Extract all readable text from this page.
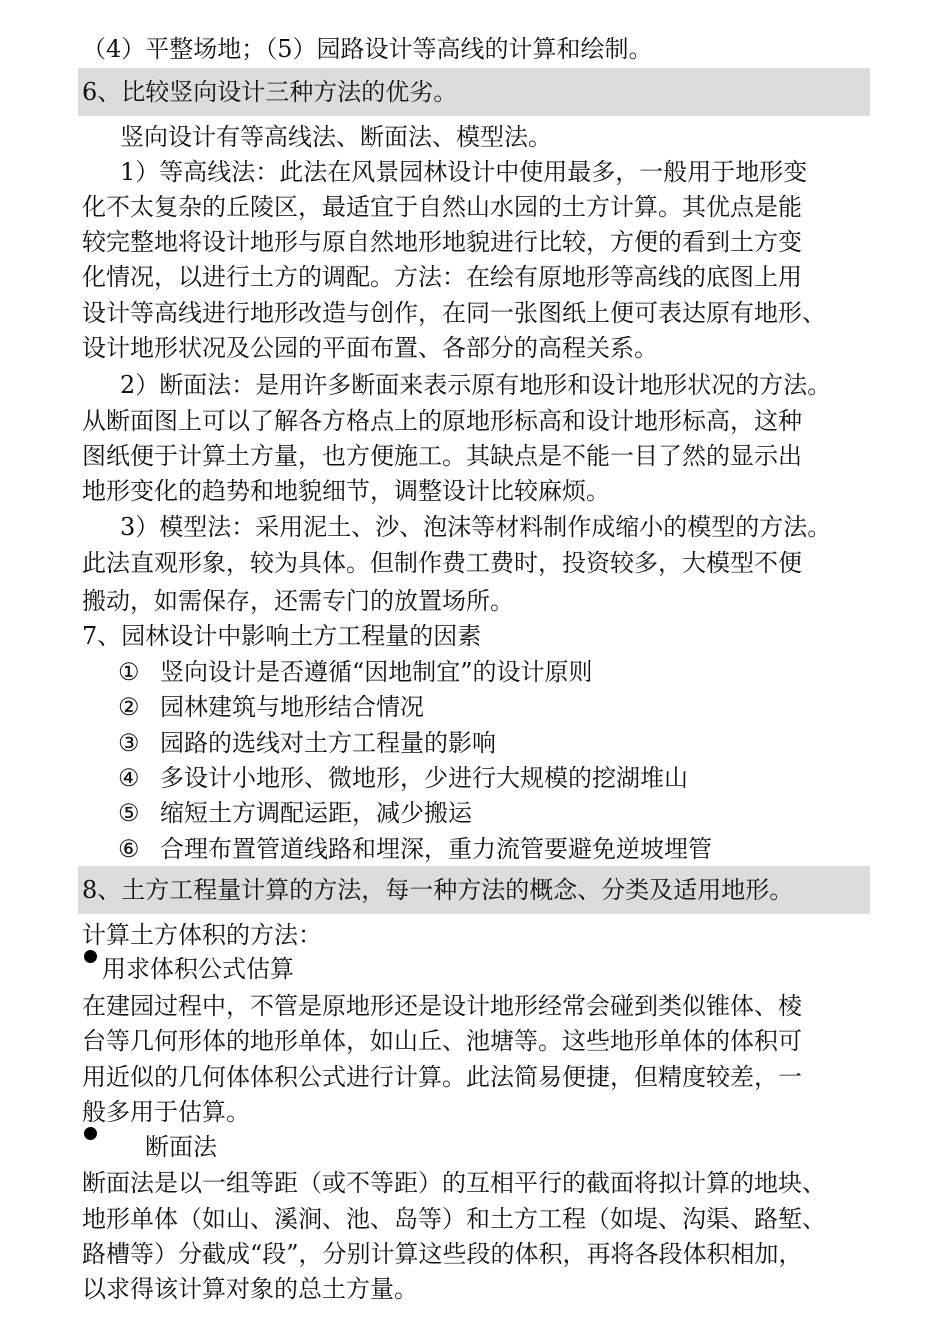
（4）平整场地；（5）园路设计等高线的计算和绘制。
6、比较竖向设计三种方法的优劣。
竖向设计有等高线法、断面法、模型法。
1）等高线法：此法在风景园林设计中使用最多，一般用于地形变
化不太复杂的丘陵区，最适宜于自然山水园的土方计算。其优点是能
较完整地将设计地形与原自然地形地貌进行比较，方便的看到土方变
化情况，以进行土方的调配。方法：在绘有原地形等高线的底图上用
设计等高线进行地形改造与创作，在同一张图纸上便可表达原有地形、
设计地形状况及公园的平面布置、各部分的高程关系。
2）断面法：是用许多断面来表示原有地形和设计地形状况的方法。
从断面图上可以了解各方格点上的原地形标高和设计地形标高，这种
图纸便于计算土方量，也方便施工。其缺点是不能一目了然的显示出
地形变化的趋势和地貌细节，调整设计比较麻烦。
3）模型法：采用泥土、沙、泡沫等材料制作成缩小的模型的方法。
此法直观形象，较为具体。但制作费工费时，投资较多，大模型不便
搬动，如需保存，还需专门的放置场所。
7、园林设计中影响土方工程量的因素
① 竖向设计是否遵循“因地制宜”的设计原则
② 园林建筑与地形结合情况
③ 园路的选线对土方工程量的影响
④ 多设计小地形、微地形，少进行大规模的挖湖堆山
⑤ 缩短土方调配运距，减少搬运
⑥ 合理布置管道线路和埋深，重力流管要避免逆坡埋管
8、土方工程量计算的方法，每一种方法的概念、分类及适用地形。
计算土方体积的方法：
用求体积公式估算
在建园过程中，不管是原地形还是设计地形经常会碰到类似锥体、棱
台等几何形体的地形单体，如山丘、池塘等。这些地形单体的体积可
用近似的几何体体积公式进行计算。此法简易便捷，但精度较差，一
般多用于估算。
断面法
断面法是以一组等距（或不等距）的互相平行的截面将拟计算的地块、
地形单体（如山、溪涧、池、岛等）和土方工程（如堤、沟渠、路堑、
路槽等）分截成“段”，分别计算这些段的体积，再将各段体积相加，
以求得该计算对象的总土方量。
